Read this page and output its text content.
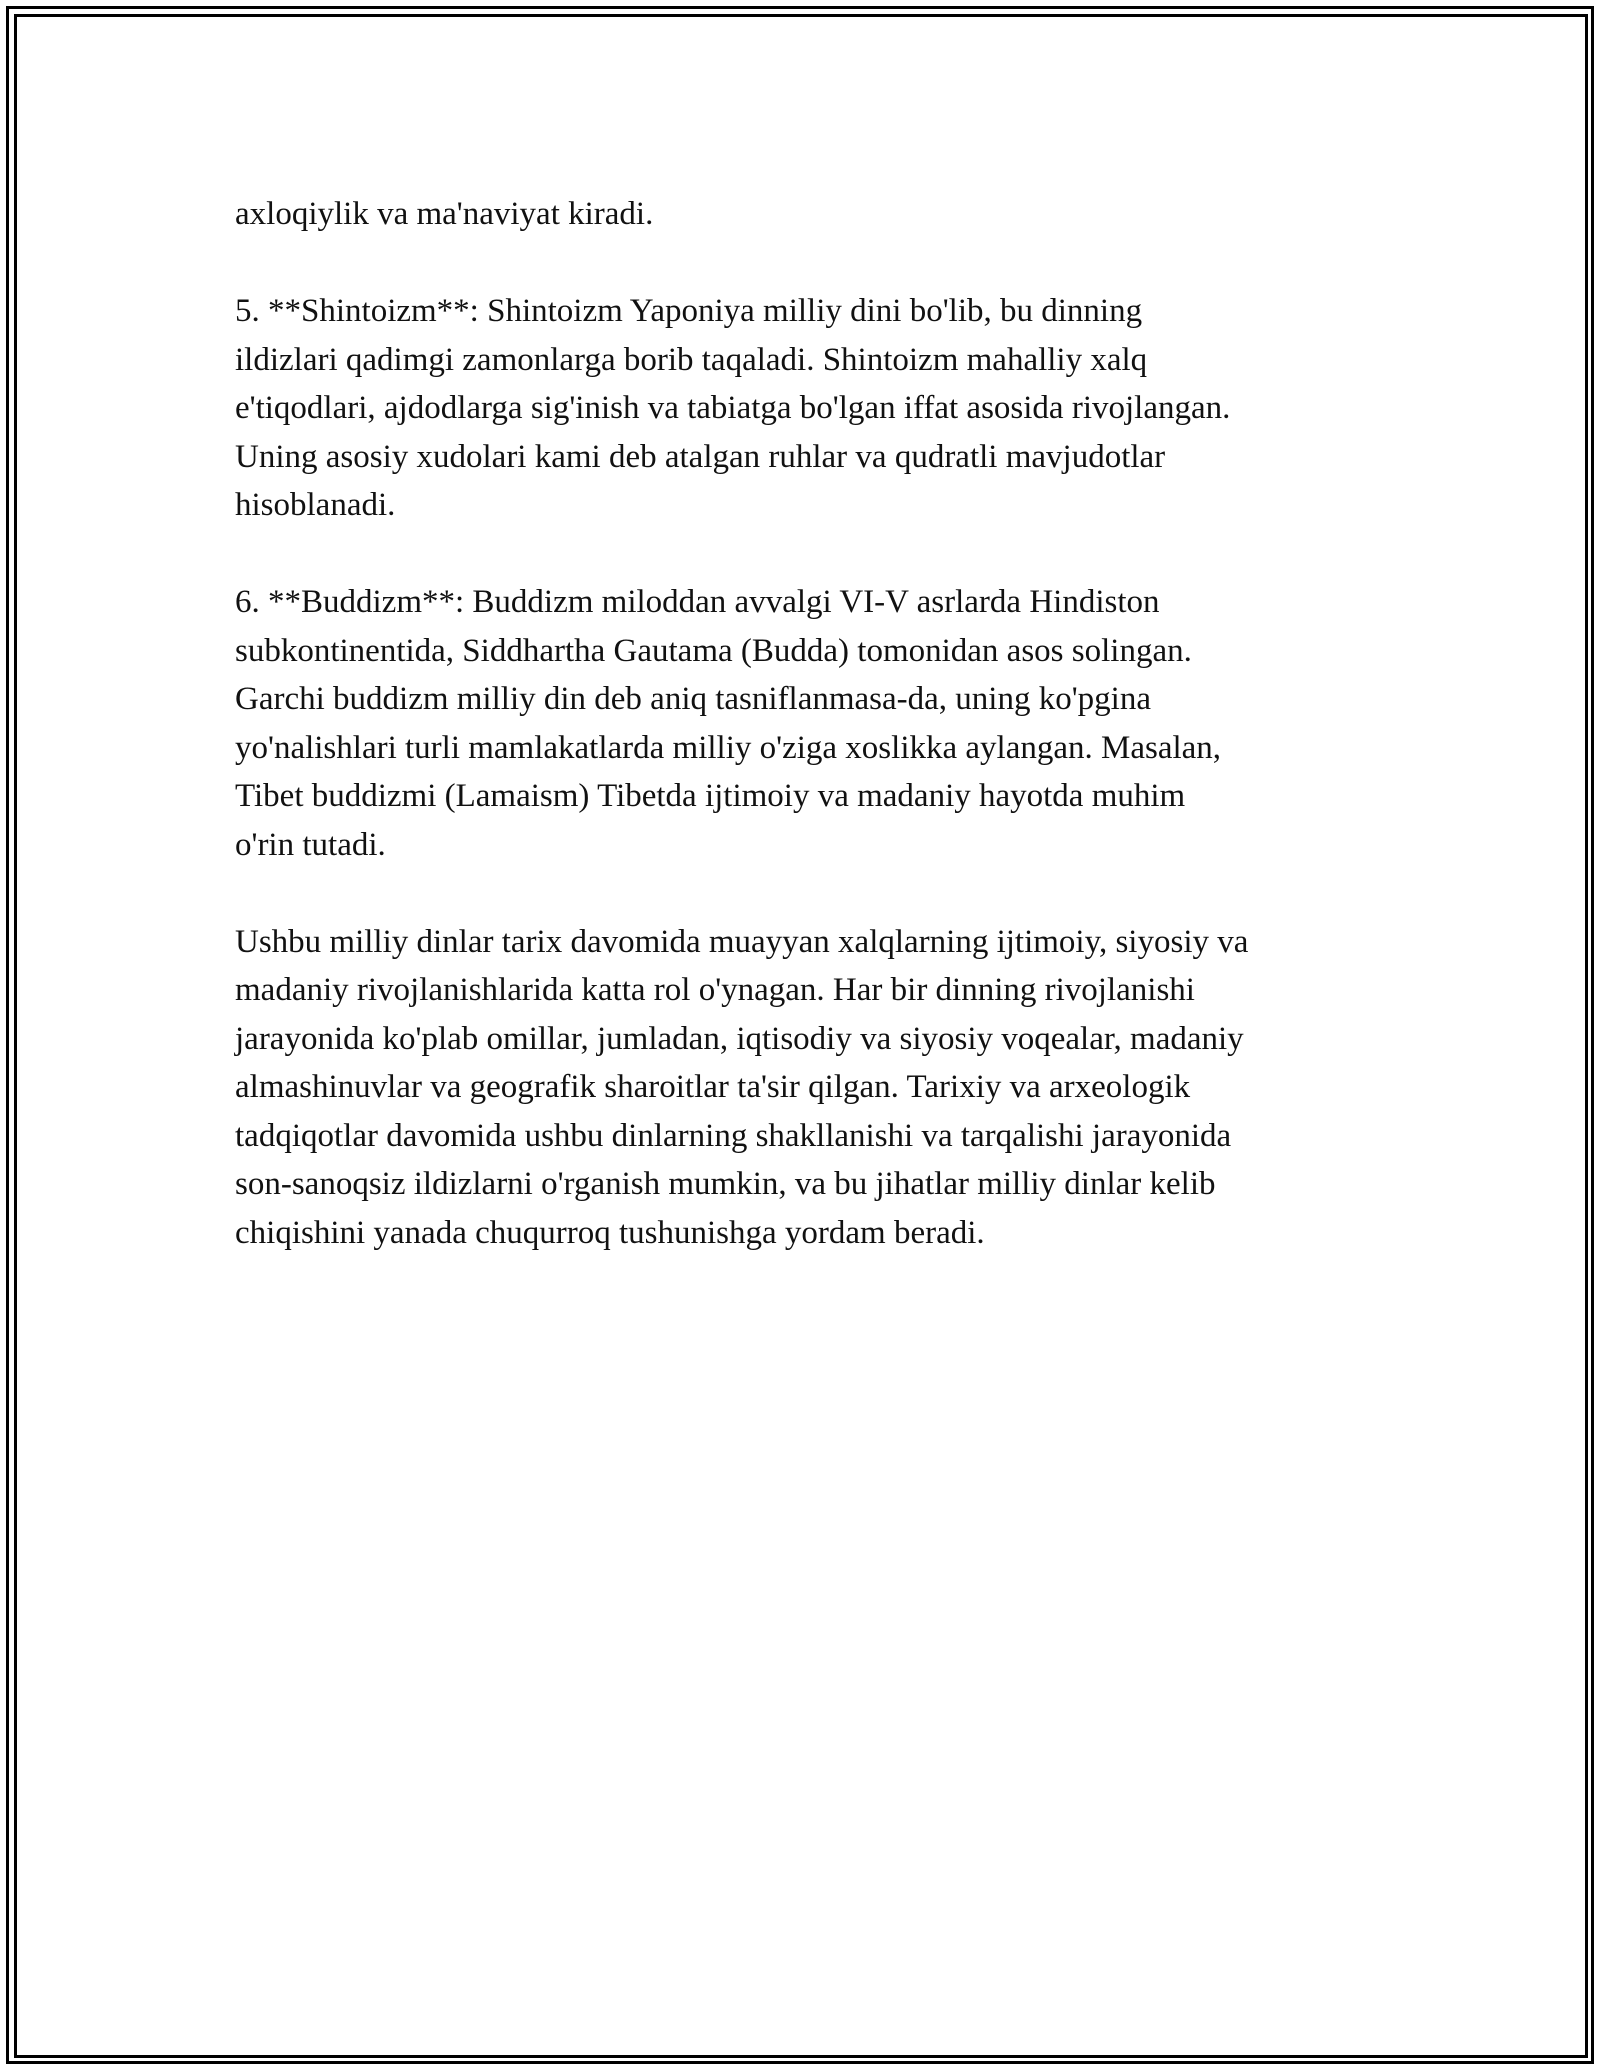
axloqiylik va ma'naviyat kiradi.

5. **Shintoizm**: Shintoizm Yaponiya milliy dini bo'lib, bu dinning
ildizlari qadimgi zamonlarga borib taqaladi. Shintoizm mahalliy xalq
e'tiqodlari, ajdodlarga sig'inish va tabiatga bo'lgan iffat asosida rivojlangan.
Uning asosiy xudolari kami deb atalgan ruhlar va qudratli mavjudotlar
hisoblanadi.

6. **Buddizm**: Buddizm miloddan avvalgi VI-V asrlarda Hindiston
subkontinentida, Siddhartha Gautama (Budda) tomonidan asos solingan.
Garchi buddizm milliy din deb aniq tasniflanmasa-da, uning ko'pgina
yo'nalishlari turli mamlakatlarda milliy o'ziga xoslikka aylangan. Masalan,
Tibet buddizmi (Lamaism) Tibetda ijtimoiy va madaniy hayotda muhim
o'rin tutadi.

Ushbu milliy dinlar tarix davomida muayyan xalqlarning ijtimoiy, siyosiy va
madaniy rivojlanishlarida katta rol o'ynagan. Har bir dinning rivojlanishi
jarayonida ko'plab omillar, jumladan, iqtisodiy va siyosiy voqealar, madaniy
almashinuvlar va geografik sharoitlar ta'sir qilgan. Tarixiy va arxeologik
tadqiqotlar davomida ushbu dinlarning shakllanishi va tarqalishi jarayonida
son-sanoqsiz ildizlarni o'rganish mumkin, va bu jihatlar milliy dinlar kelib
chiqishini yanada chuqurroq tushunishga yordam beradi.
